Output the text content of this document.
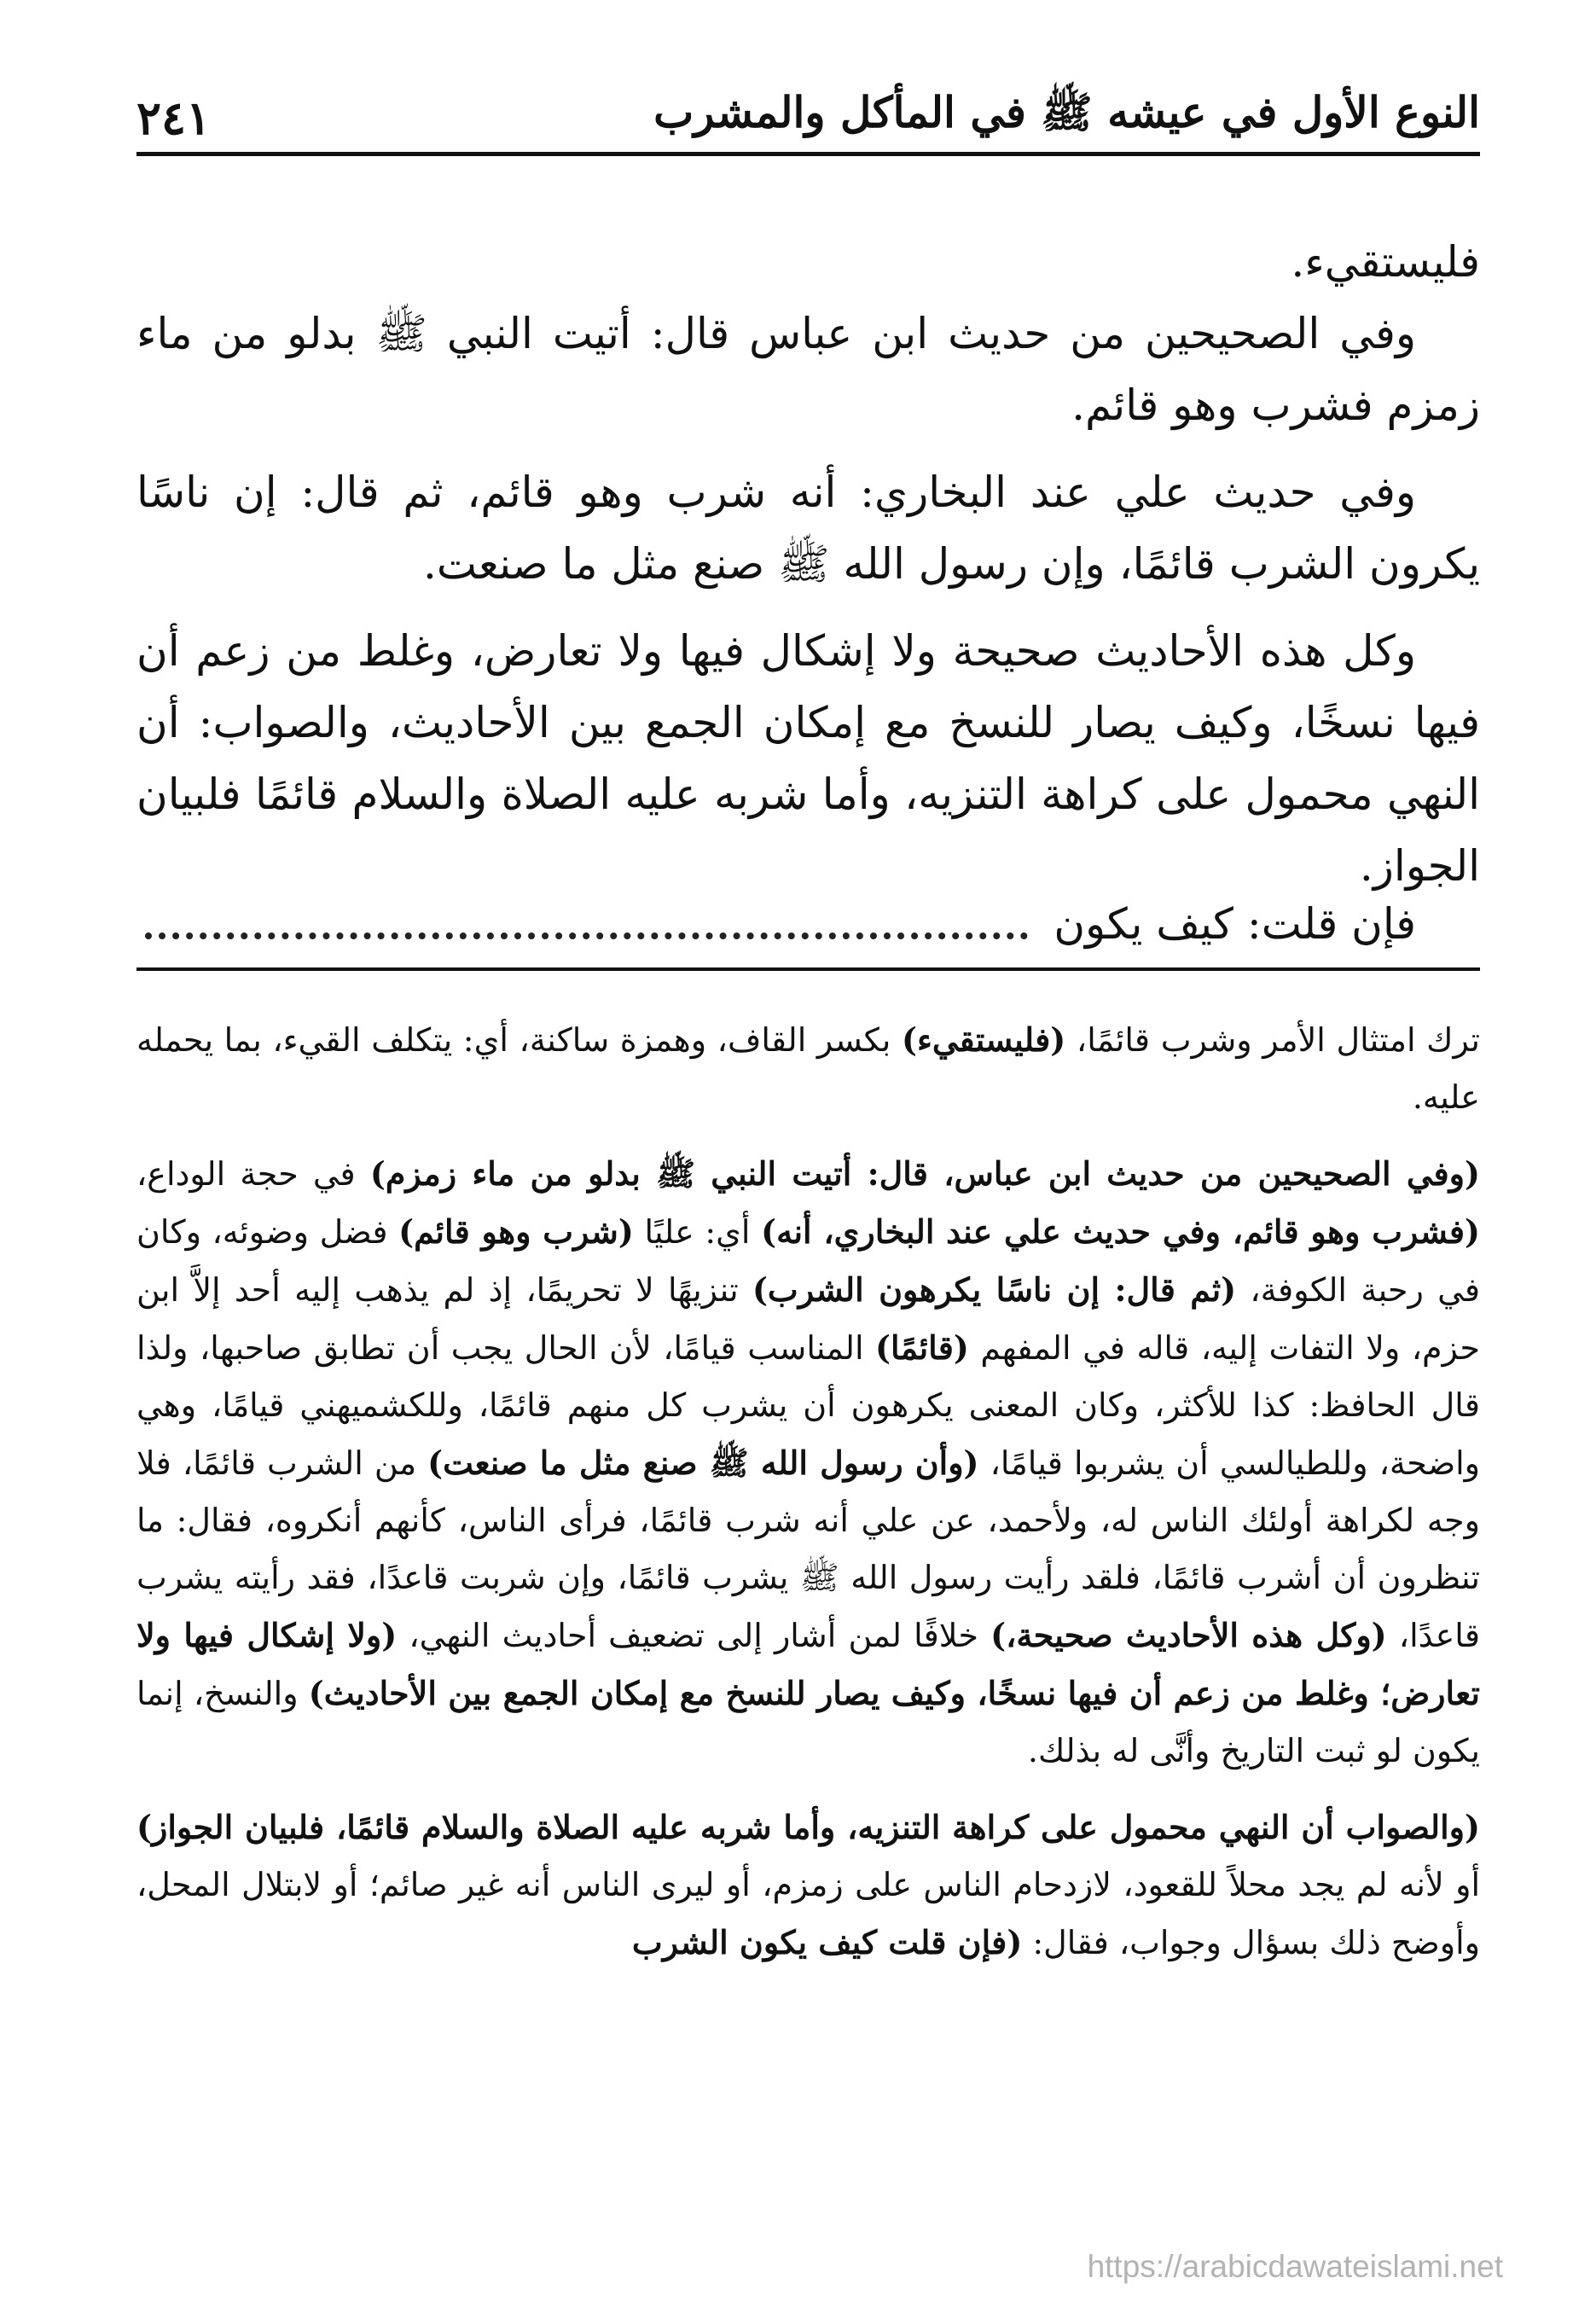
النوع الأول في عيشه ﷺ في المأكل والمشرب
٢٤١

فليستقيء.

وفي الصحيحين من حديث ابن عباس قال: أتيت النبي ﷺ بدلو من ماء زمزم فشرب وهو قائم.

وفي حديث علي عند البخاري: أنه شرب وهو قائم، ثم قال: إن ناسًا يكرون الشرب قائمًا، وإن رسول الله ﷺ صنع مثل ما صنعت.

وكل هذه الأحاديث صحيحة ولا إشكال فيها ولا تعارض، وغلط من زعم أن فيها نسخًا، وكيف يصار للنسخ مع إمكان الجمع بين الأحاديث، والصواب: أن النهي محمول على كراهة التنزيه، وأما شربه عليه الصلاة والسلام قائمًا فلبيان الجواز.

فإن قلت: كيف يكون

ترك امتثال الأمر وشرب قائمًا، (فليستقيء) بكسر القاف، وهمزة ساكنة، أي: يتكلف القيء، بما يحمله عليه.

(وفي الصحيحين من حديث ابن عباس، قال: أتيت النبي ﷺ بدلو من ماء زمزم) في حجة الوداع، (فشرب وهو قائم، وفي حديث علي عند البخاري، أنه) أي: عليًا (شرب وهو قائم) فضل وضوئه، وكان في رحبة الكوفة، (ثم قال: إن ناسًا يكرهون الشرب) تنزيهًا لا تحريمًا، إذ لم يذهب إليه أحد إلاَّ ابن حزم، ولا التفات إليه، قاله في المفهم (قائمًا) المناسب قيامًا، لأن الحال يجب أن تطابق صاحبها، ولذا قال الحافظ: كذا للأكثر، وكان المعنى يكرهون أن يشرب كل منهم قائمًا، وللكشميهني قيامًا، وهي واضحة، وللطيالسي أن يشربوا قيامًا، (وأن رسول الله ﷺ صنع مثل ما صنعت) من الشرب قائمًا، فلا وجه لكراهة أولئك الناس له، ولأحمد، عن علي أنه شرب قائمًا، فرأى الناس، كأنهم أنكروه، فقال: ما تنظرون أن أشرب قائمًا، فلقد رأيت رسول الله ﷺ يشرب قائمًا، وإن شربت قاعدًا، فقد رأيته يشرب قاعدًا، (وكل هذه الأحاديث صحيحة،) خلافًا لمن أشار إلى تضعيف أحاديث النهي، (ولا إشكال فيها ولا تعارض؛ وغلط من زعم أن فيها نسخًا، وكيف يصار للنسخ مع إمكان الجمع بين الأحاديث) والنسخ، إنما يكون لو ثبت التاريخ وأنَّى له بذلك.

(والصواب أن النهي محمول على كراهة التنزيه، وأما شربه عليه الصلاة والسلام قائمًا، فلبيان الجواز) أو لأنه لم يجد محلاً للقعود، لازدحام الناس على زمزم، أو ليرى الناس أنه غير صائم؛ أو لابتلال المحل، وأوضح ذلك بسؤال وجواب، فقال: (فإن قلت كيف يكون الشرب

https://arabicdawateislami.net
